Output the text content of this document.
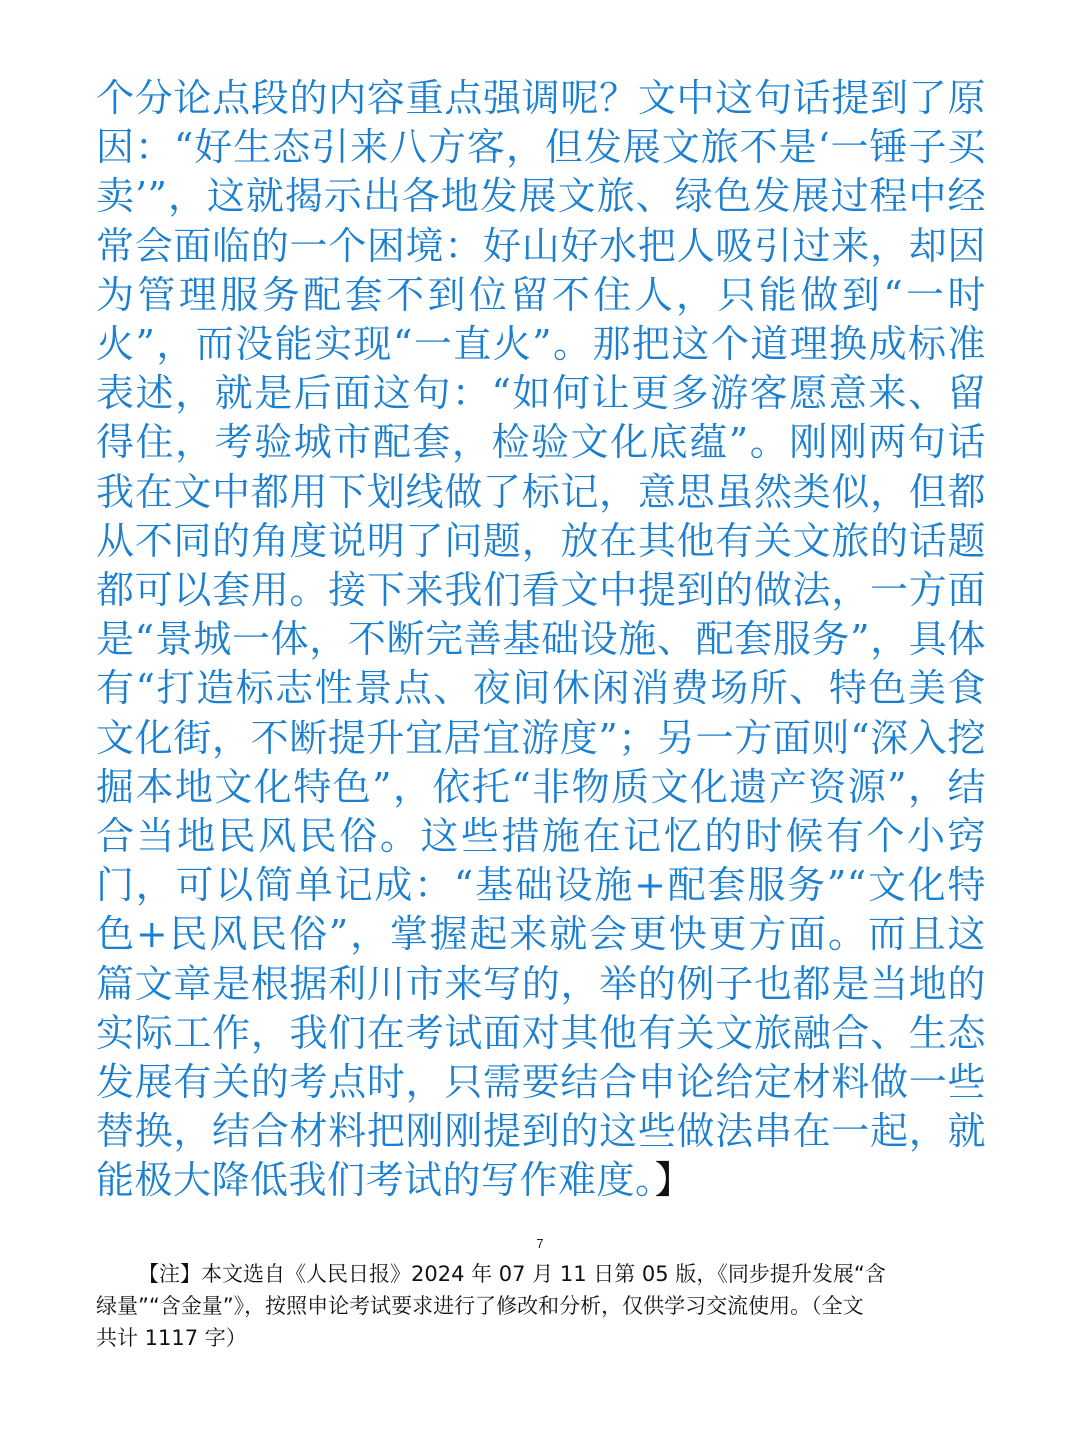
个分论点段的内容重点强调呢？文中这句话提到了原因：“好生态引来八方客，但发展文旅不是‘一锤子买卖’”，这就揭示出各地发展文旅、绿色发展过程中经常会面临的一个困境：好山好水把人吸引过来，却因为管理服务配套不到位留不住人，只能做到“一时火”，而没能实现“一直火”。那把这个道理换成标准表述，就是后面这句：“如何让更多游客愿意来、留得住，考验城市配套，检验文化底蕴”。刚刚两句话我在文中都用下划线做了标记，意思虽然类似，但都从不同的角度说明了问题，放在其他有关文旅的话题都可以套用。接下来我们看文中提到的做法，一方面是“景城一体，不断完善基础设施、配套服务”，具体有“打造标志性景点、夜间休闲消费场所、特色美食文化街，不断提升宜居宜游度”；另一方面则“深入挖掘本地文化特色”，依托“非物质文化遗产资源”，结合当地民风民俗。这些措施在记忆的时候有个小窍门，可以简单记成：“基础设施+配套服务”“文化特色+民风民俗”，掌握起来就会更快更方面。而且这篇文章是根据利川市来写的，举的例子也都是当地的实际工作，我们在考试面对其他有关文旅融合、生态发展有关的考点时，只需要结合申论给定材料做一些替换，结合材料把刚刚提到的这些做法串在一起，就能极大降低我们考试的写作难度。】

7

【注】本文选自《人民日报》2024 年 07 月 11 日第 05 版，《同步提升发展“含
绿量”“含金量”》，按照申论考试要求进行了修改和分析，仅供学习交流使用。（全文
共计 1117 字）
